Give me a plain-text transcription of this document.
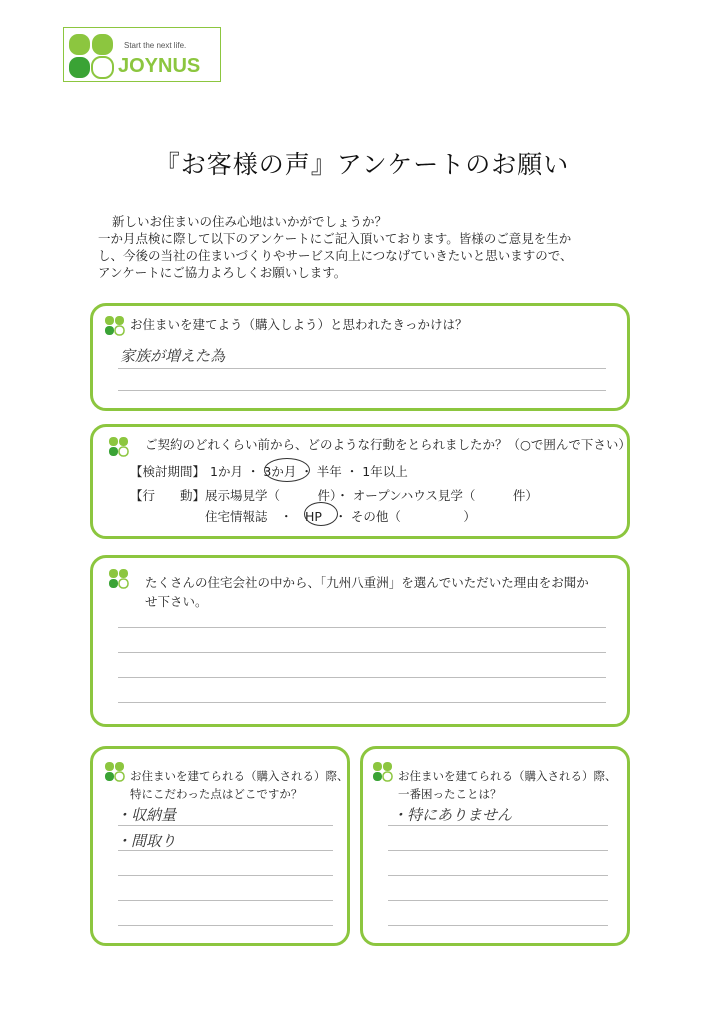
Start the next life.
JOYNUS
『お客様の声』アンケートのお願い
新しいお住まいの住み心地はいかがでしょうか？
一か月点検に際して以下のアンケートにご記入頂いております。皆様のご意見を生か
し、今後の当社の住まいづくりやサービス向上につなげていきたいと思いますので、
アンケートにご協力よろしくお願いします。
お住まいを建てよう（購入しよう）と思われたきっかけは？
家族が増えた為
ご契約のどれくらい前から、どのような行動をとられましたか？（○で囲んで下さい）
【検討期間】 1か月 ・ 3か月 ・ 半年 ・ 1年以上
【行　　動】 展示場見学（　　　件）・ オープンハウス見学（　　　件）
住宅情報誌　・　HP　・ その他（　　　　　）
たくさんの住宅会社の中から、「九州八重洲」を選んでいただいた理由をお聞か
せ下さい。
お住まいを建てられる（購入される）際、
特にこだわった点はどこですか？
・収納量
・間取り
お住まいを建てられる（購入される）際、
一番困ったことは？
・特にありません
